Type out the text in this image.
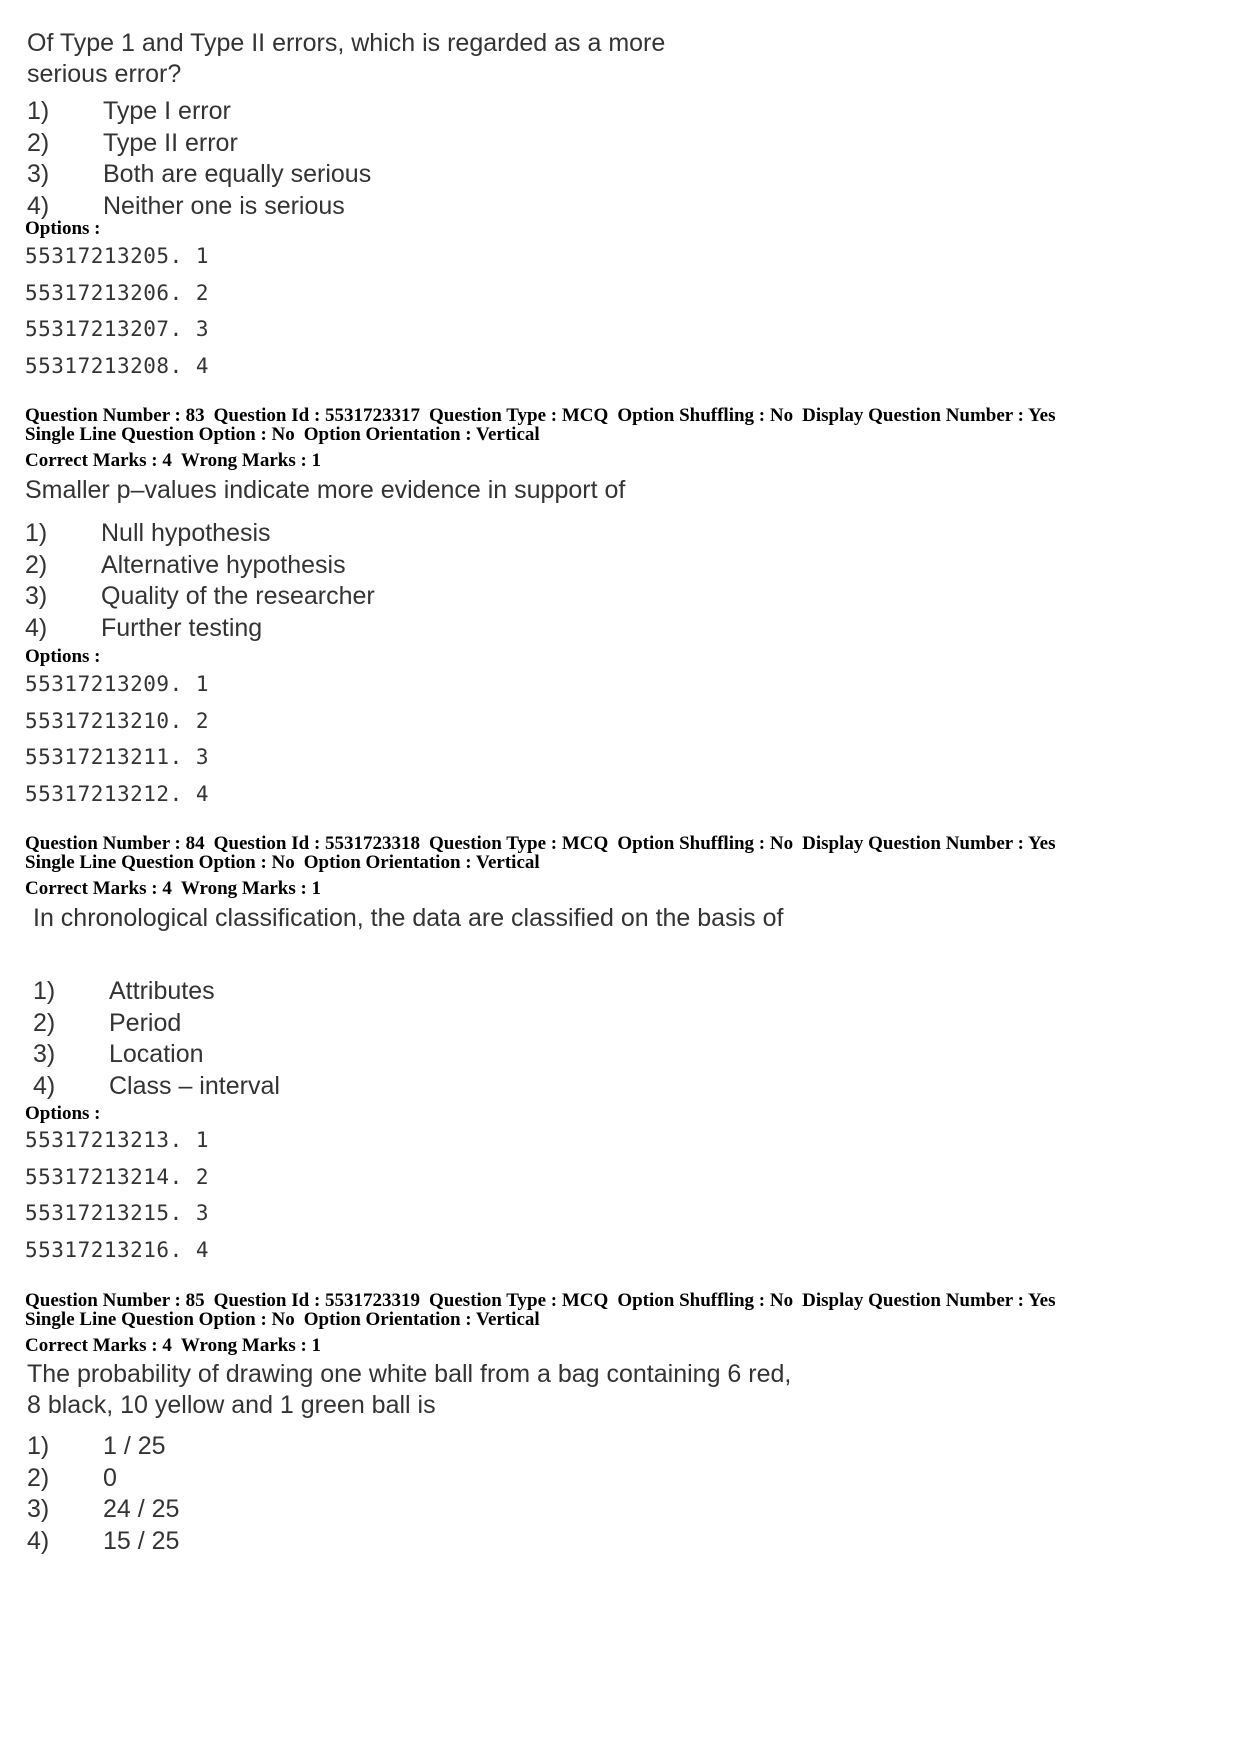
Of Type 1 and Type II errors, which is regarded as a more serious error?
1)	Type I error
2)	Type II error
3)	Both are equally serious
4)	Neither one is serious
Options :
55317213205. 1
55317213206. 2
55317213207. 3
55317213208. 4
Question Number : 83 Question Id : 5531723317 Question Type : MCQ Option Shuffling : No Display Question Number : Yes
Single Line Question Option : No Option Orientation : Vertical
Correct Marks : 4 Wrong Marks : 1
Smaller p–values indicate more evidence in support of
1)	Null hypothesis
2)	Alternative hypothesis
3)	Quality of the researcher
4)	Further testing
Options :
55317213209. 1
55317213210. 2
55317213211. 3
55317213212. 4
Question Number : 84 Question Id : 5531723318 Question Type : MCQ Option Shuffling : No Display Question Number : Yes
Single Line Question Option : No Option Orientation : Vertical
Correct Marks : 4 Wrong Marks : 1
In chronological classification, the data are classified on the basis of
1)	Attributes
2)	Period
3)	Location
4)	Class – interval
Options :
55317213213. 1
55317213214. 2
55317213215. 3
55317213216. 4
Question Number : 85 Question Id : 5531723319 Question Type : MCQ Option Shuffling : No Display Question Number : Yes
Single Line Question Option : No Option Orientation : Vertical
Correct Marks : 4 Wrong Marks : 1
The probability of drawing one white ball from a bag containing 6 red, 8 black, 10 yellow and 1 green ball is
1)	1 / 25
2)	0
3)	24 / 25
4)	15 / 25
